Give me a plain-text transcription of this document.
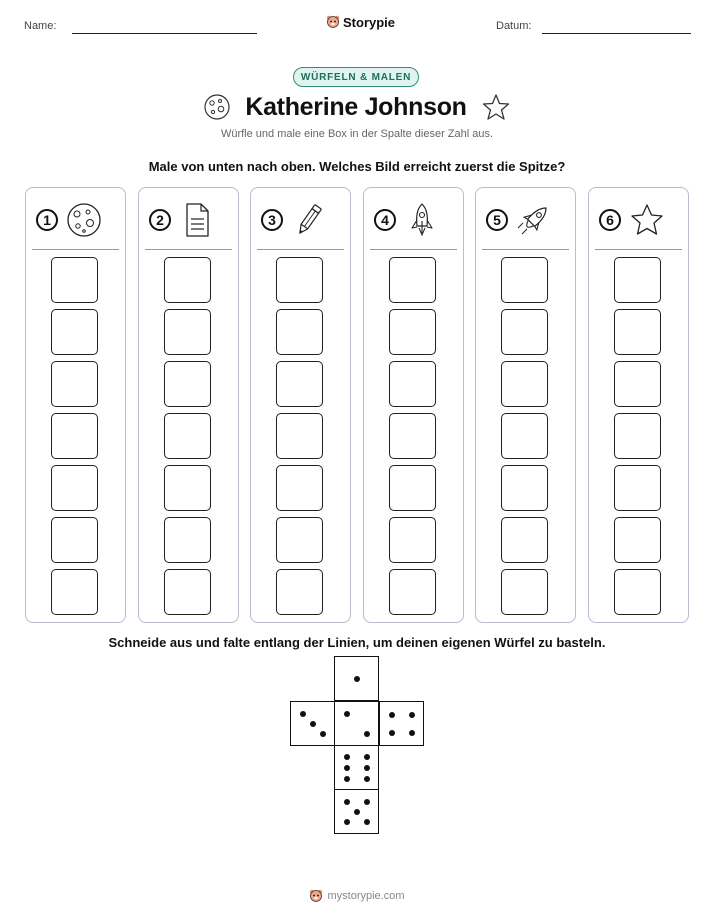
Name:	Storypie	Datum:
WÜRFELN & MALEN
Katherine Johnson
Würfle und male eine Box in der Spalte dieser Zahl aus.
Male von unten nach oben. Welches Bild erreicht zuerst die Spitze?
1	2	3	4	5	6
Schneide aus und falte entlang der Linien, um deinen eigenen Würfel zu basteln.
mystorypie.com
